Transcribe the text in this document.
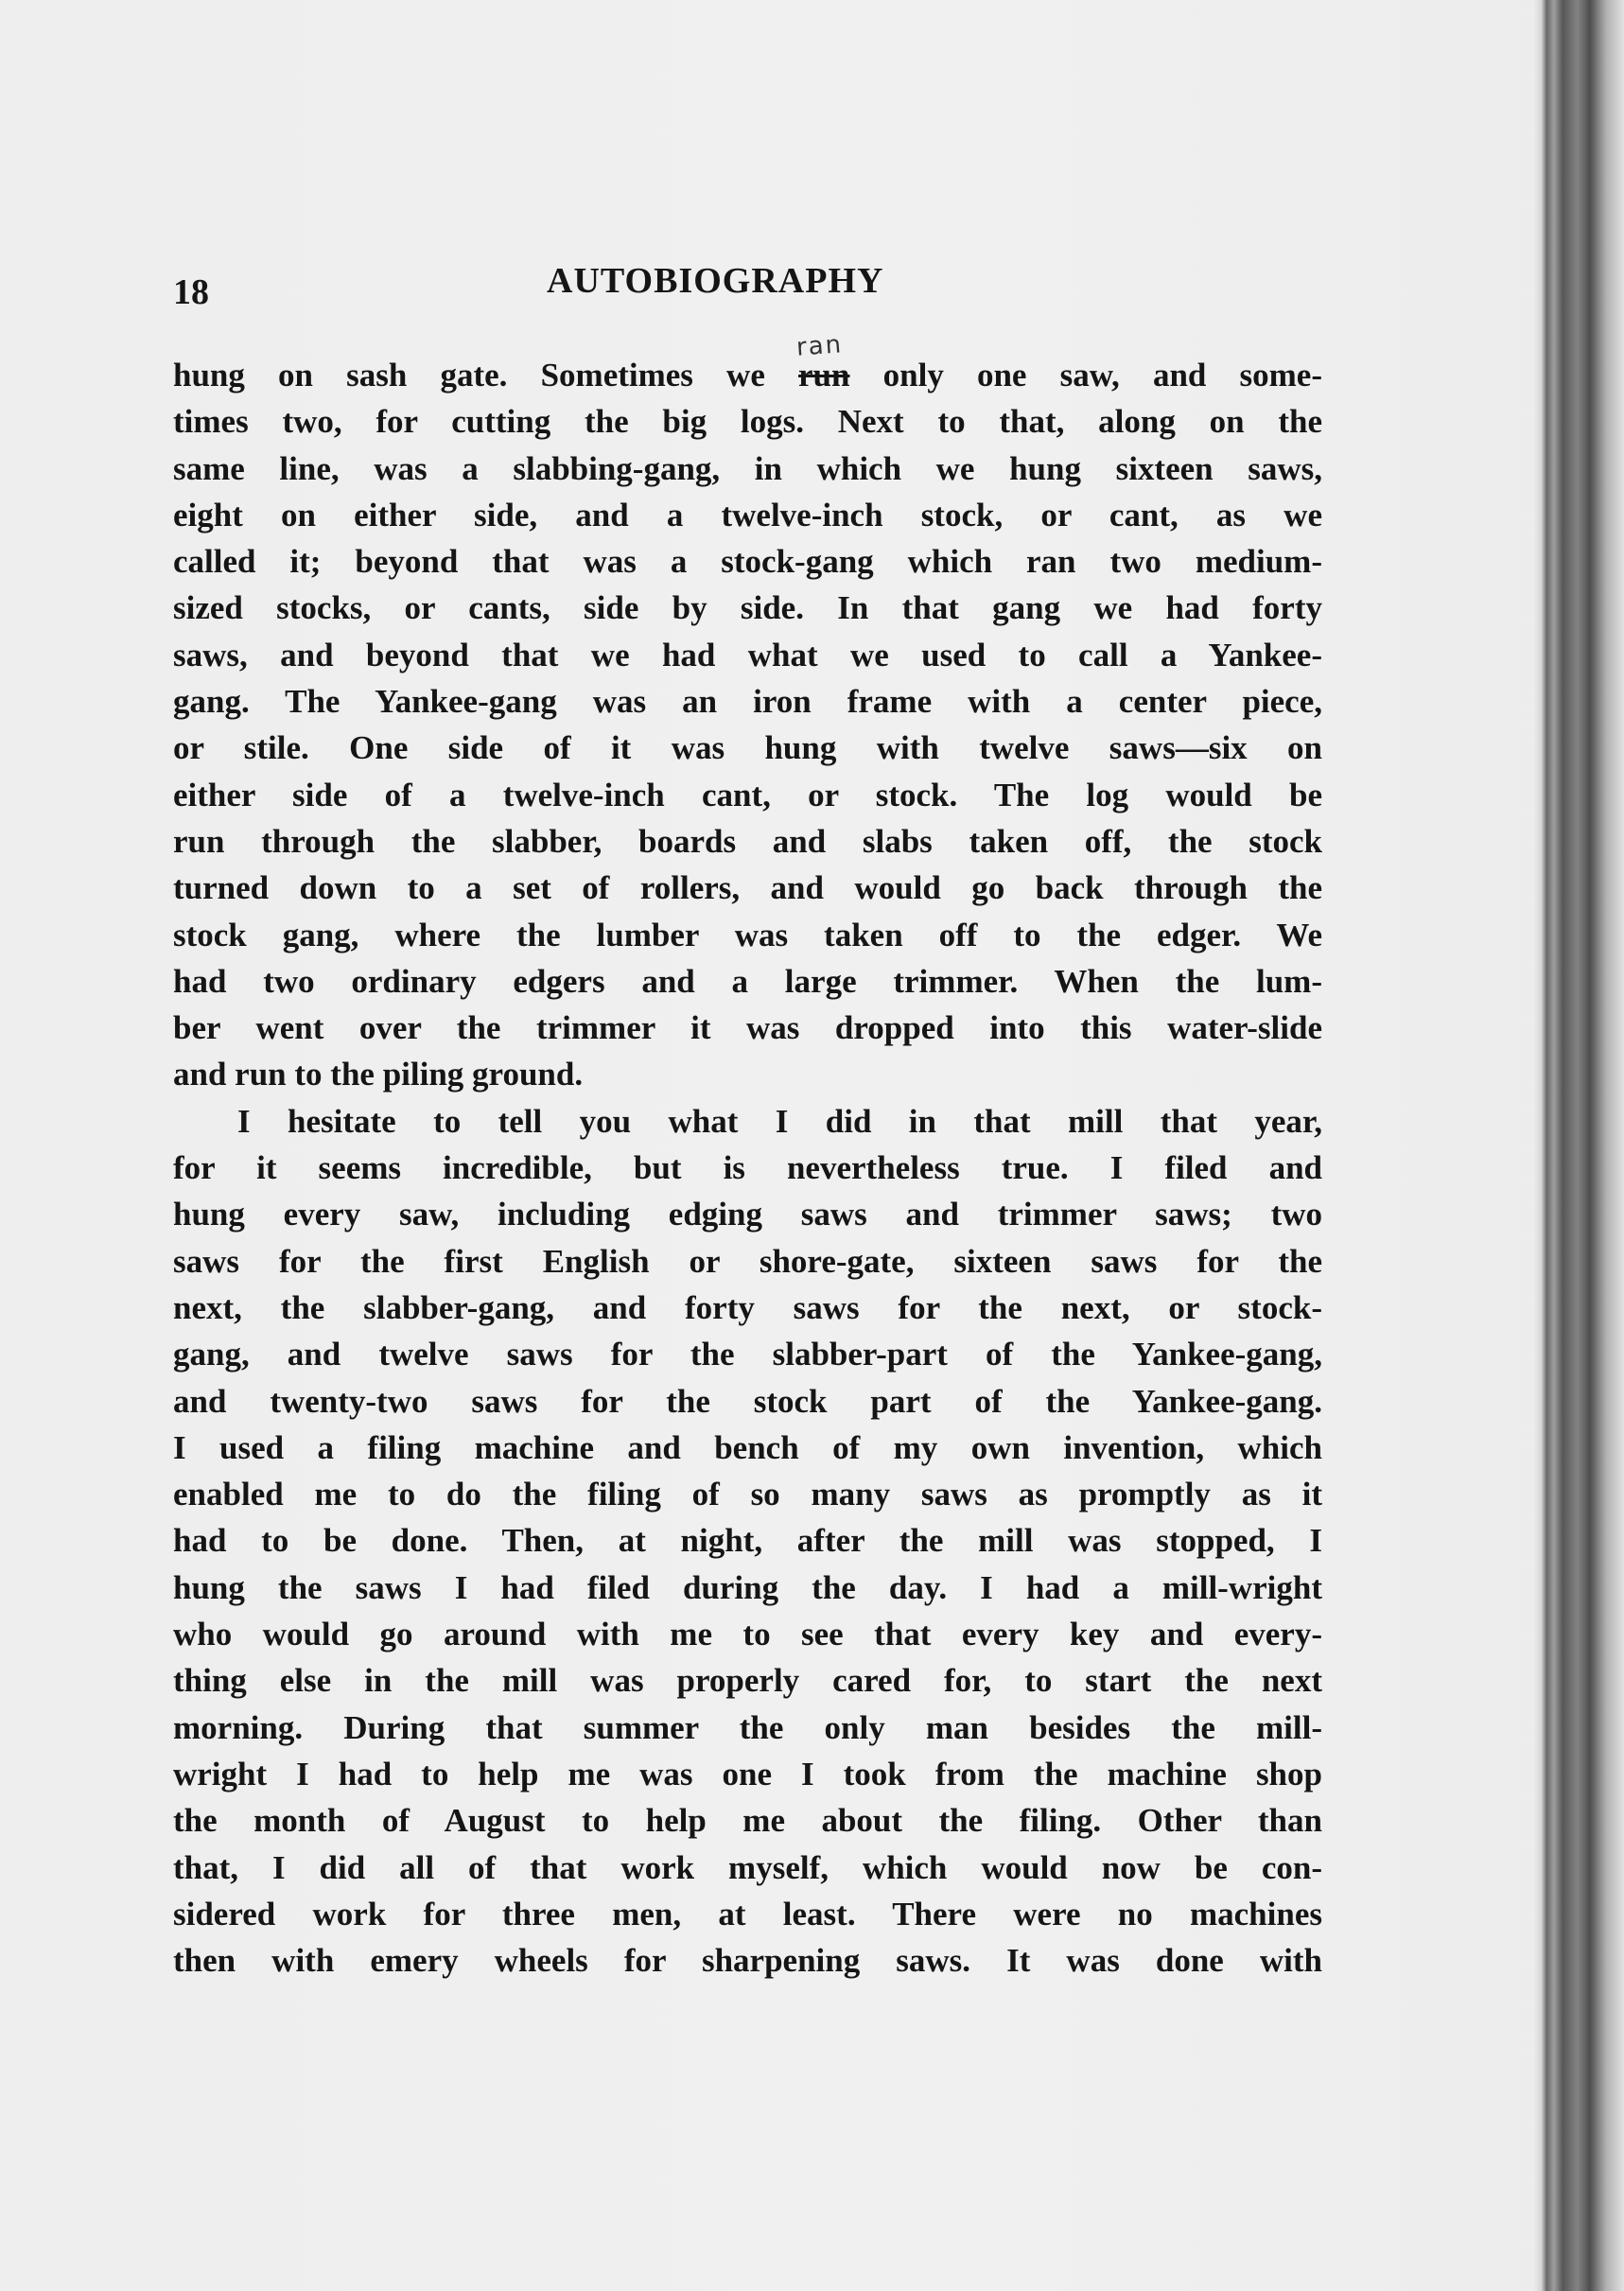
18	AUTOBIOGRAPHY
hung on sash gate. Sometimes we
ran
run only one saw, and some-
times two, for cutting the big logs. Next to that, along on the
same line, was a slabbing-gang, in which we hung sixteen saws,
eight on either side, and a twelve-inch stock, or cant, as we
called it; beyond that was a stock-gang which ran two medium-
sized stocks, or cants, side by side. In that gang we had forty
saws, and beyond that we had what we used to call a Yankee-
gang. The Yankee-gang was an iron frame with a center piece,
or stile. One side of it was hung with twelve saws—six on
either side of a twelve-inch cant, or stock. The log would be
run through the slabber, boards and slabs taken off, the stock
turned down to a set of rollers, and would go back through the
stock gang, where the lumber was taken off to the edger. We
had two ordinary edgers and a large trimmer. When the lum-
ber went over the trimmer it was dropped into this water-slide
and run to the piling ground.
I hesitate to tell you what I did in that mill that year,
for it seems incredible, but is nevertheless true. I filed and
hung every saw, including edging saws and trimmer saws; two
saws for the first English or shore-gate, sixteen saws for the
next, the slabber-gang, and forty saws for the next, or stock-
gang, and twelve saws for the slabber-part of the Yankee-gang,
and twenty-two saws for the stock part of the Yankee-gang.
I used a filing machine and bench of my own invention, which
enabled me to do the filing of so many saws as promptly as it
had to be done. Then, at night, after the mill was stopped, I
hung the saws I had filed during the day. I had a mill-wright
who would go around with me to see that every key and every-
thing else in the mill was properly cared for, to start the next
morning. During that summer the only man besides the mill-
wright I had to help me was one I took from the machine shop
the month of August to help me about the filing. Other than
that, I did all of that work myself, which would now be con-
sidered work for three men, at least. There were no machines
then with emery wheels for sharpening saws. It was done with
